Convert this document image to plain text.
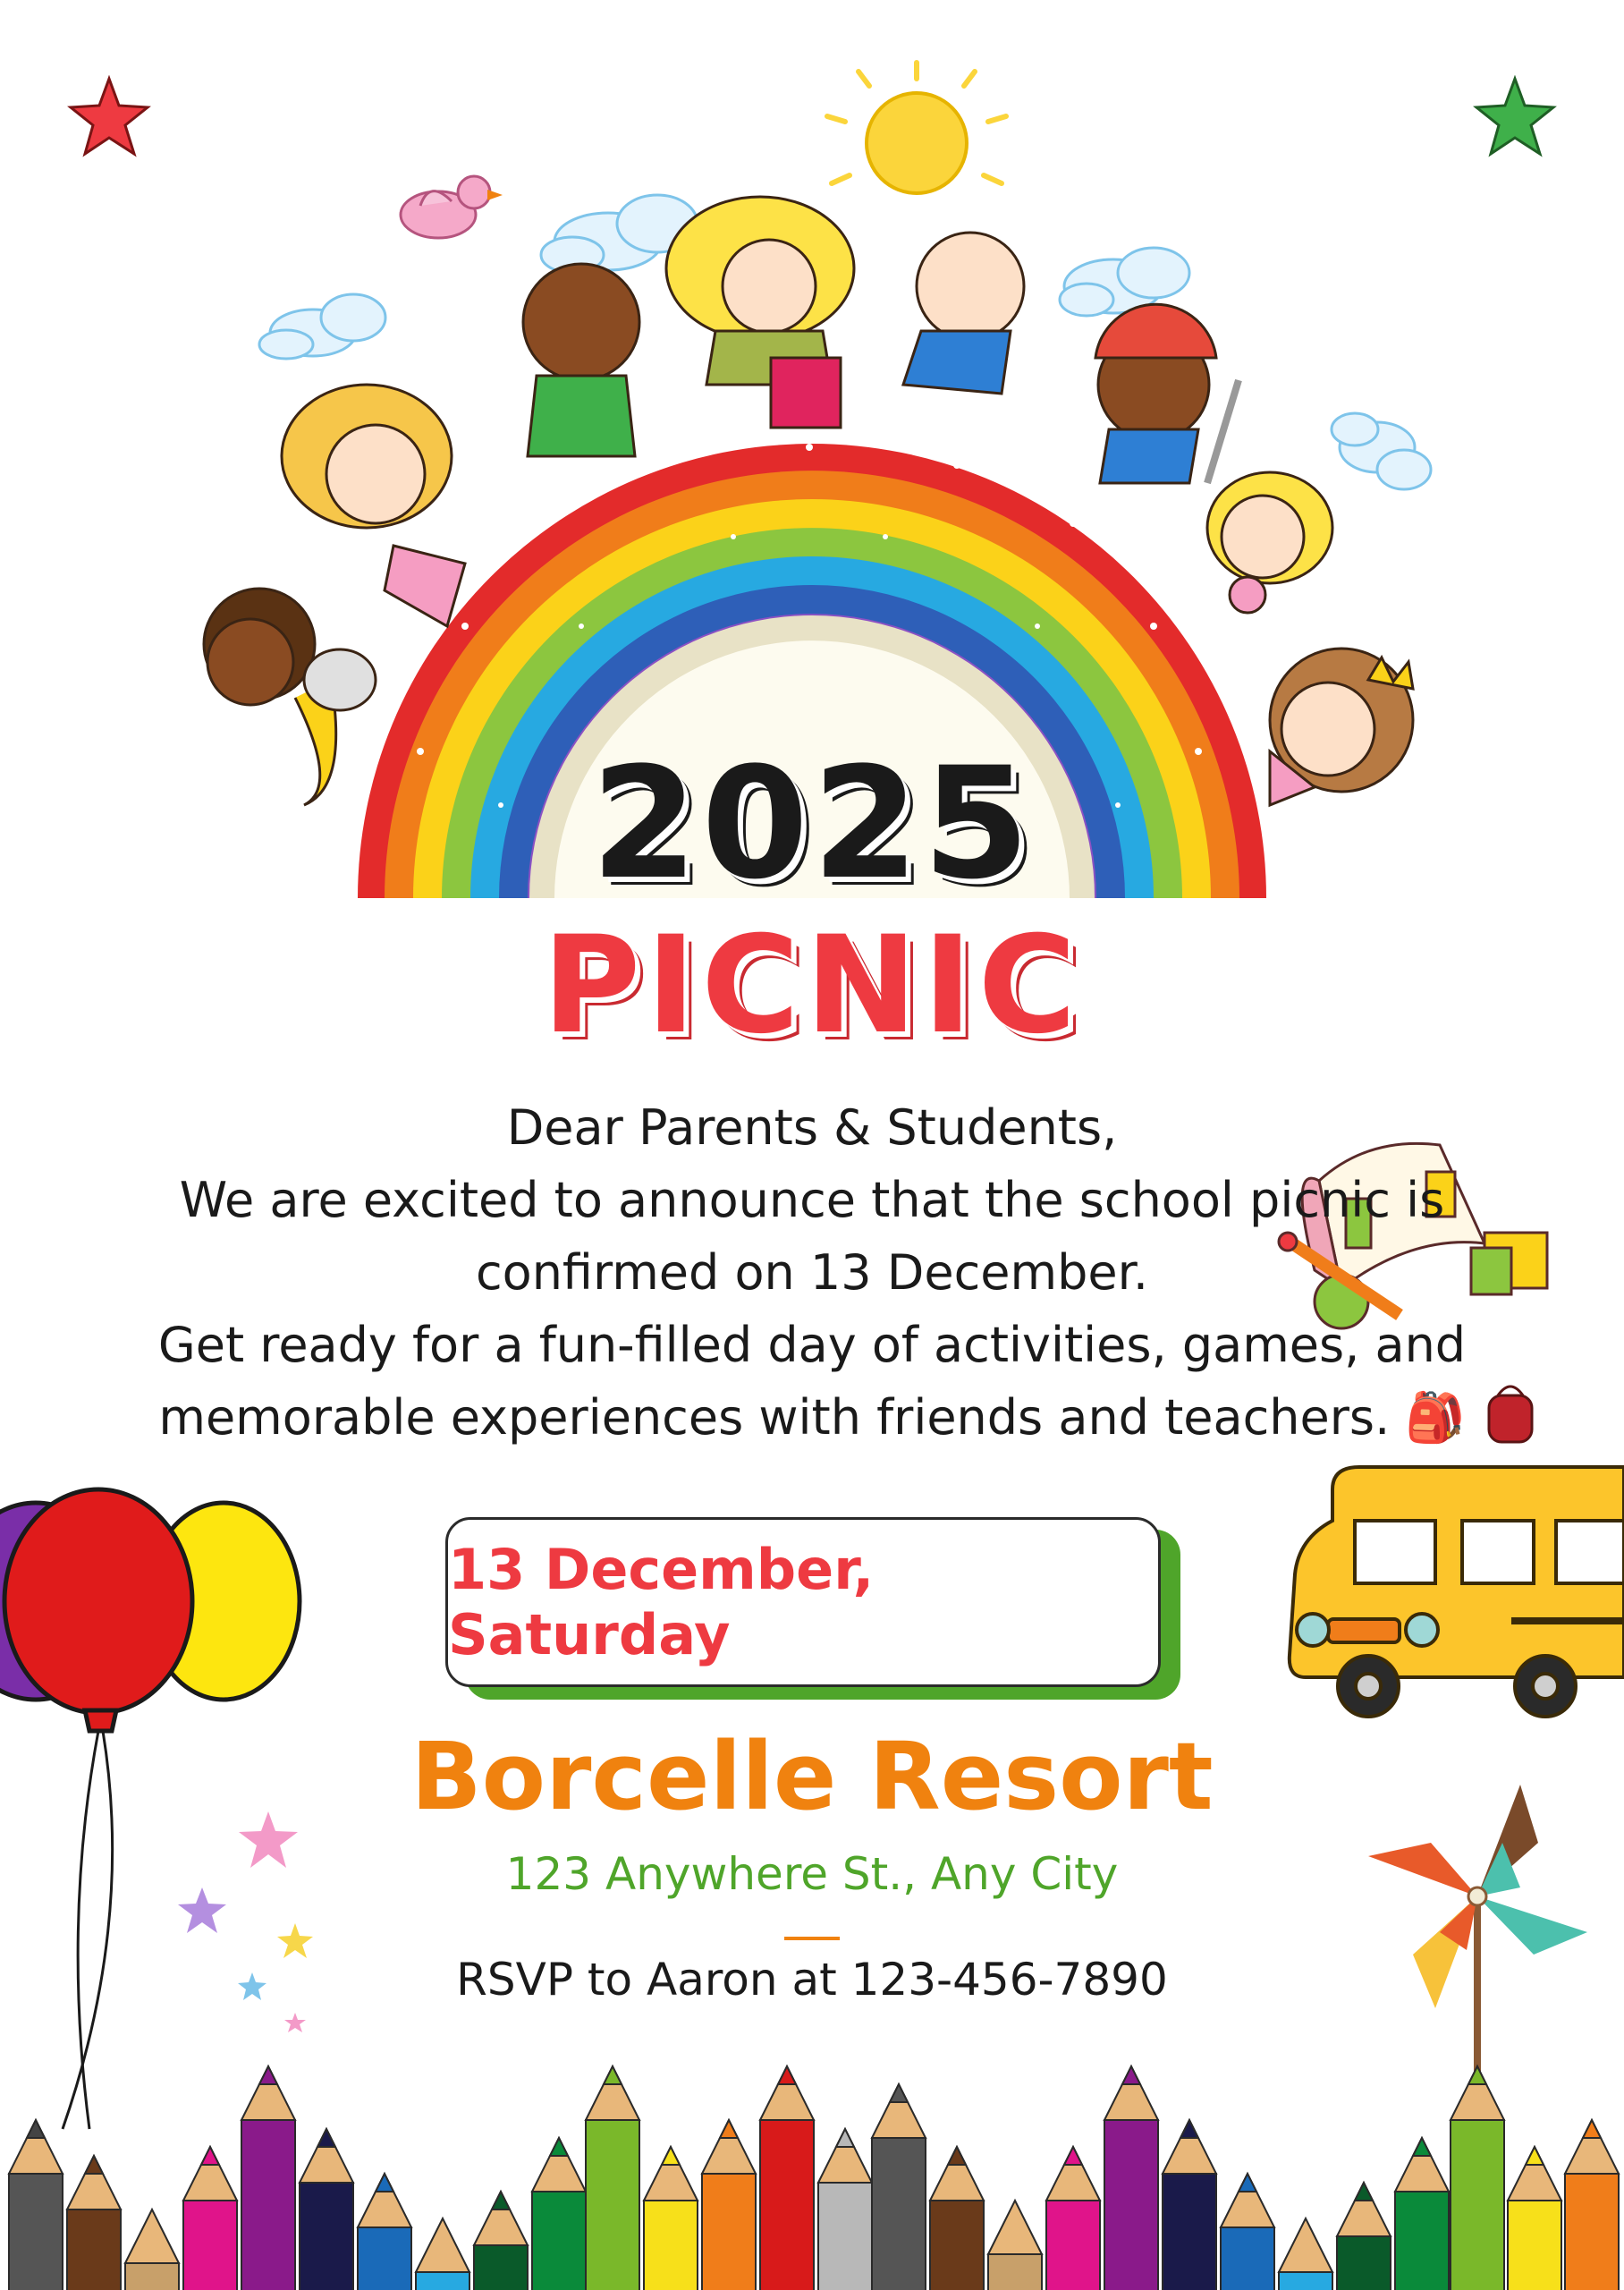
2025
PICNIC
Dear Parents & Students,
We are excited to announce that the school picnic is
confirmed on 13 December.
Get ready for a fun-filled day of activities, games, and
memorable experiences with friends and teachers. 🎒
13 December, Saturday
Borcelle Resort
123 Anywhere St., Any City
RSVP to Aaron at 123-456-7890
